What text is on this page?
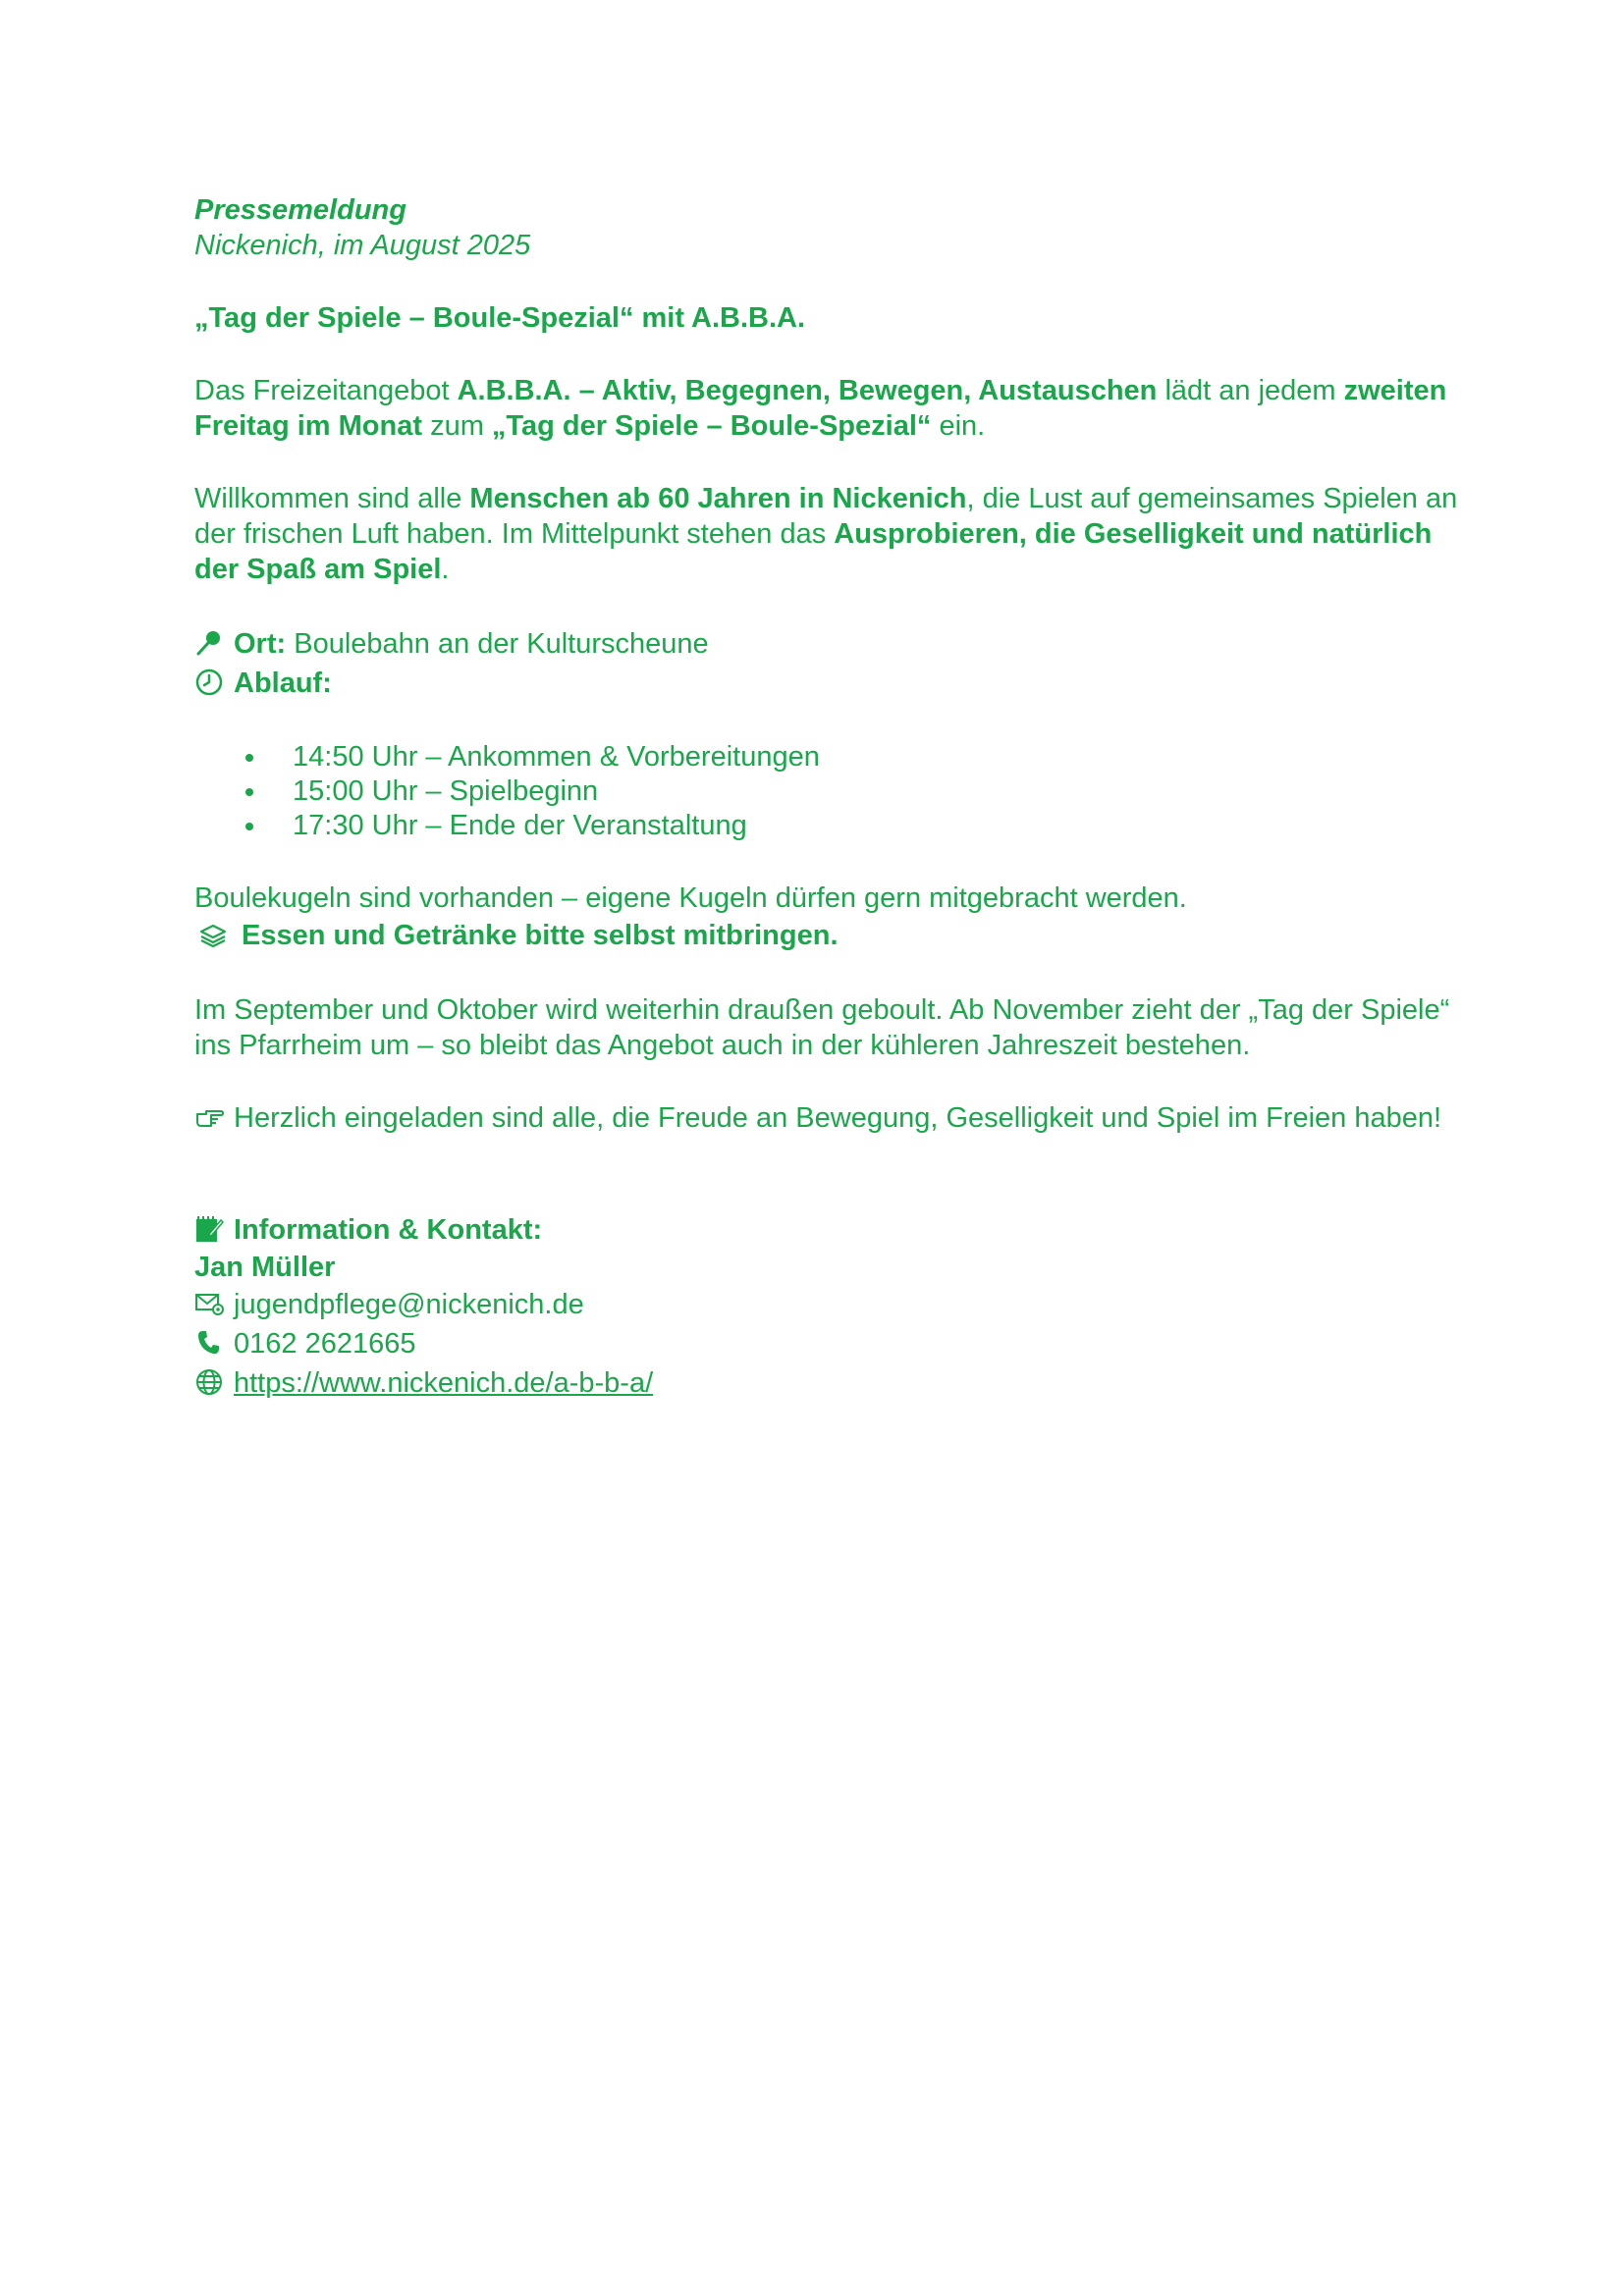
Pressemeldung

Nickenich, im August 2025

„Tag der Spiele – Boule-Spezial“ mit A.B.B.A.

Das Freizeitangebot A.B.B.A. – Aktiv, Begegnen, Bewegen, Austauschen lädt an jedem zweiten Freitag im Monat zum „Tag der Spiele – Boule-Spezial“ ein.

Willkommen sind alle Menschen ab 60 Jahren in Nickenich, die Lust auf gemeinsames Spielen an der frischen Luft haben. Im Mittelpunkt stehen das Ausprobieren, die Geselligkeit und natürlich der Spaß am Spiel.

Ort: Boulebahn an der Kulturscheune

Ablauf:

14:50 Uhr – Ankommen & Vorbereitungen
15:00 Uhr – Spielbeginn
17:30 Uhr – Ende der Veranstaltung

Boulekugeln sind vorhanden – eigene Kugeln dürfen gern mitgebracht werden.

Essen und Getränke bitte selbst mitbringen.

Im September und Oktober wird weiterhin draußen geboult. Ab November zieht der „Tag der Spiele“ ins Pfarrheim um – so bleibt das Angebot auch in der kühleren Jahreszeit bestehen.

Herzlich eingeladen sind alle, die Freude an Bewegung, Geselligkeit und Spiel im Freien haben!

Information & Kontakt:

Jan Müller

jugendpflege@nickenich.de

0162 2621665

https://www.nickenich.de/a-b-b-a/
